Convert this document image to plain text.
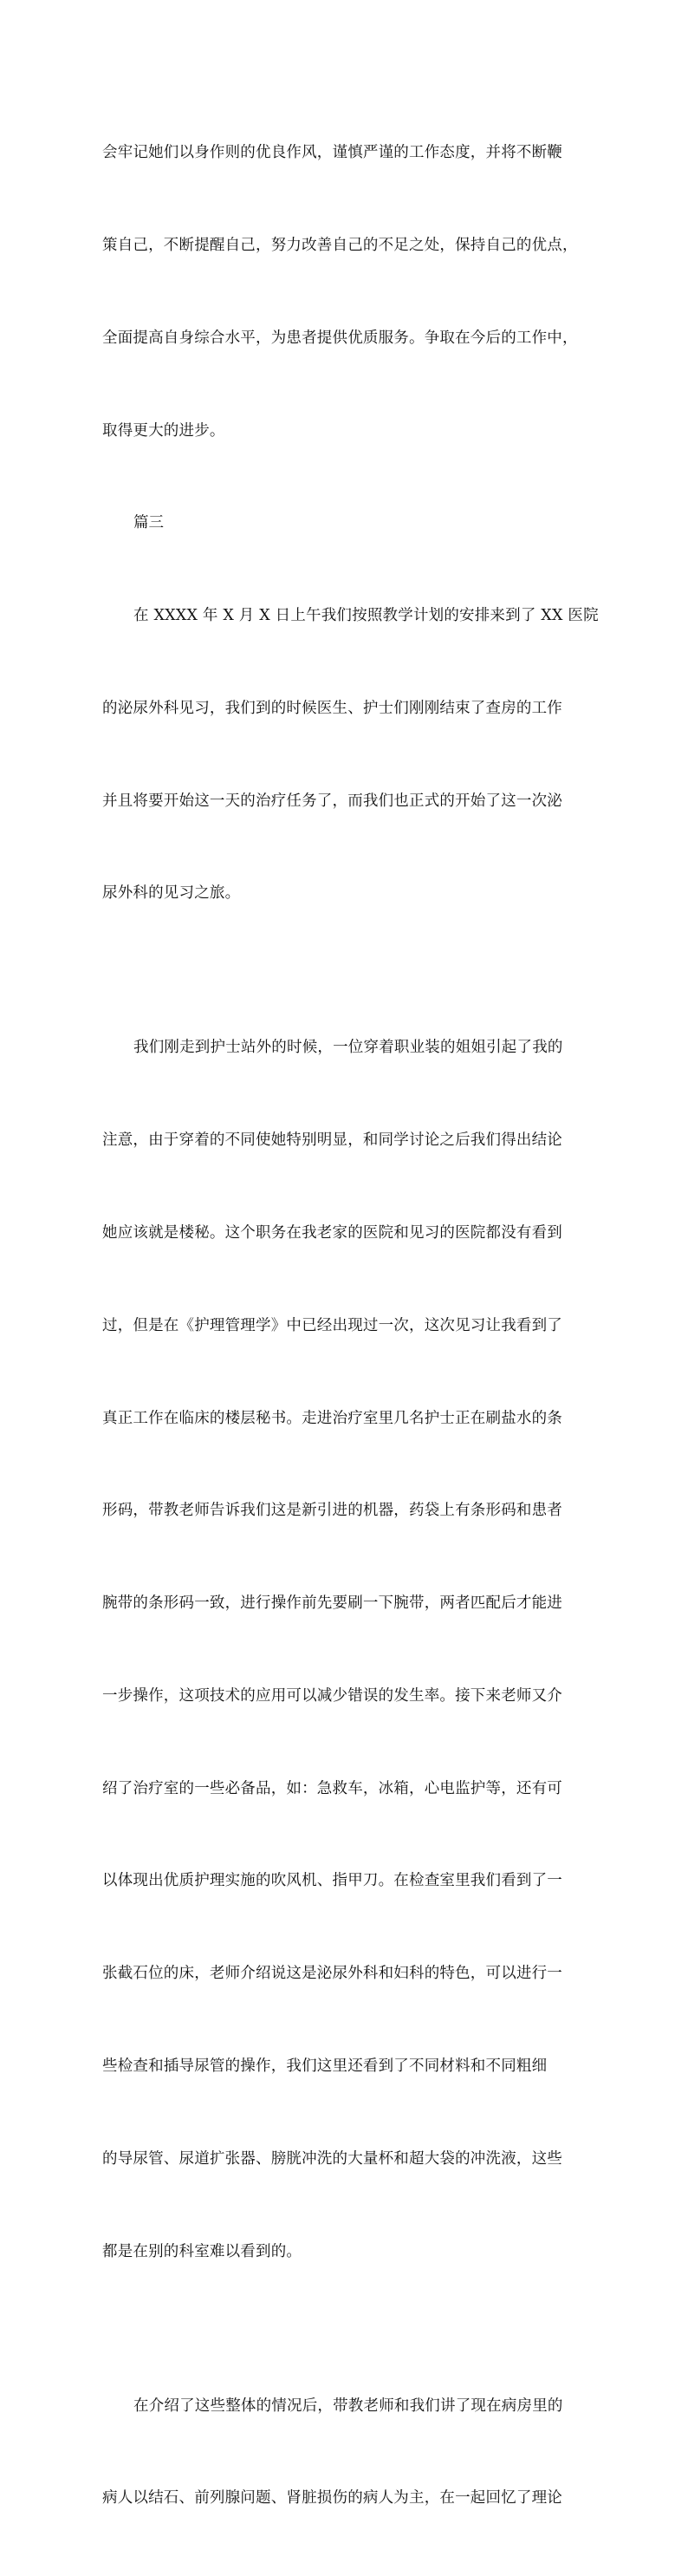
会牢记她们以身作则的优良作风，谨慎严谨的工作态度，并将不断鞭

策自己，不断提醒自己，努力改善自己的不足之处，保持自己的优点，

全面提高自身综合水平，为患者提供优质服务。争取在今后的工作中，

取得更大的进步。

篇三

在 XXXX 年 X 月 X 日上午我们按照教学计划的安排来到了 XX 医院

的泌尿外科见习，我们到的时候医生、护士们刚刚结束了查房的工作

并且将要开始这一天的治疗任务了，而我们也正式的开始了这一次泌

尿外科的见习之旅。

我们刚走到护士站外的时候，一位穿着职业装的姐姐引起了我的

注意，由于穿着的不同使她特别明显，和同学讨论之后我们得出结论

她应该就是楼秘。这个职务在我老家的医院和见习的医院都没有看到

过，但是在《护理管理学》中已经出现过一次，这次见习让我看到了

真正工作在临床的楼层秘书。走进治疗室里几名护士正在刷盐水的条

形码，带教老师告诉我们这是新引进的机器，药袋上有条形码和患者

腕带的条形码一致，进行操作前先要刷一下腕带，两者匹配后才能进

一步操作，这项技术的应用可以减少错误的发生率。接下来老师又介

绍了治疗室的一些必备品，如：急救车，冰箱，心电监护等，还有可

以体现出优质护理实施的吹风机、指甲刀。在检查室里我们看到了一

张截石位的床，老师介绍说这是泌尿外科和妇科的特色，可以进行一

些检查和插导尿管的操作，我们这里还看到了不同材料和不同粗细

的导尿管、尿道扩张器、膀胱冲洗的大量杯和超大袋的冲洗液，这些

都是在别的科室难以看到的。

在介绍了这些整体的情况后，带教老师和我们讲了现在病房里的

病人以结石、前列腺问题、肾脏损伤的病人为主，在一起回忆了理论
